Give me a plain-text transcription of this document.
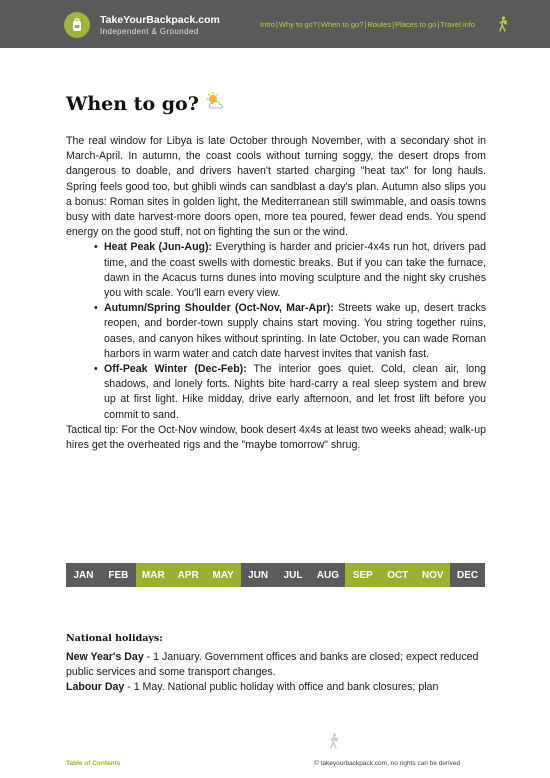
TakeYourBackpack.com
Independent & Grounded
Intro | Why to go? | When to go? | Routes | Places to go | Travel info
When to go?

The real window for Libya is late October through November, with a secondary shot in March-April. In autumn, the coast cools without turning soggy, the desert drops from dangerous to doable, and drivers haven't started charging "heat tax" for long hauls. Spring feels good too, but ghibli winds can sandblast a day's plan. Autumn also slips you a bonus: Roman sites in golden light, the Mediterranean still swimmable, and oasis towns busy with date harvest-more doors open, more tea poured, fewer dead ends. You spend energy on the good stuff, not on fighting the sun or the wind.

• Heat Peak (Jun-Aug): Everything is harder and pricier-4x4s run hot, drivers pad time, and the coast swells with domestic breaks. But if you can take the furnace, dawn in the Acacus turns dunes into moving sculpture and the night sky crushes you with scale. You'll earn every view.
• Autumn/Spring Shoulder (Oct-Nov, Mar-Apr): Streets wake up, desert tracks reopen, and border-town supply chains start moving. You string together ruins, oases, and canyon hikes without sprinting. In late October, you can wade Roman harbors in warm water and catch date harvest invites that vanish fast.
• Off-Peak Winter (Dec-Feb): The interior goes quiet. Cold, clean air, long shadows, and lonely forts. Nights bite hard-carry a real sleep system and brew up at first light. Hike midday, drive early afternoon, and let frost lift before you commit to sand.

Tactical tip: For the Oct-Nov window, book desert 4x4s at least two weeks ahead; walk-up hires get the overheated rigs and the "maybe tomorrow" shrug.

JAN	FEB	MAR	APR	MAY	JUN	JUL	AUG	SEP	OCT	NOV	DEC
National holidays:

New Year's Day - 1 January. Government offices and banks are closed; expect reduced public services and some transport changes.

Labour Day - 1 May. National public holiday with office and bank closures; plan

Table of Contents	© takeyourbackpack.com, no rights can be derived
